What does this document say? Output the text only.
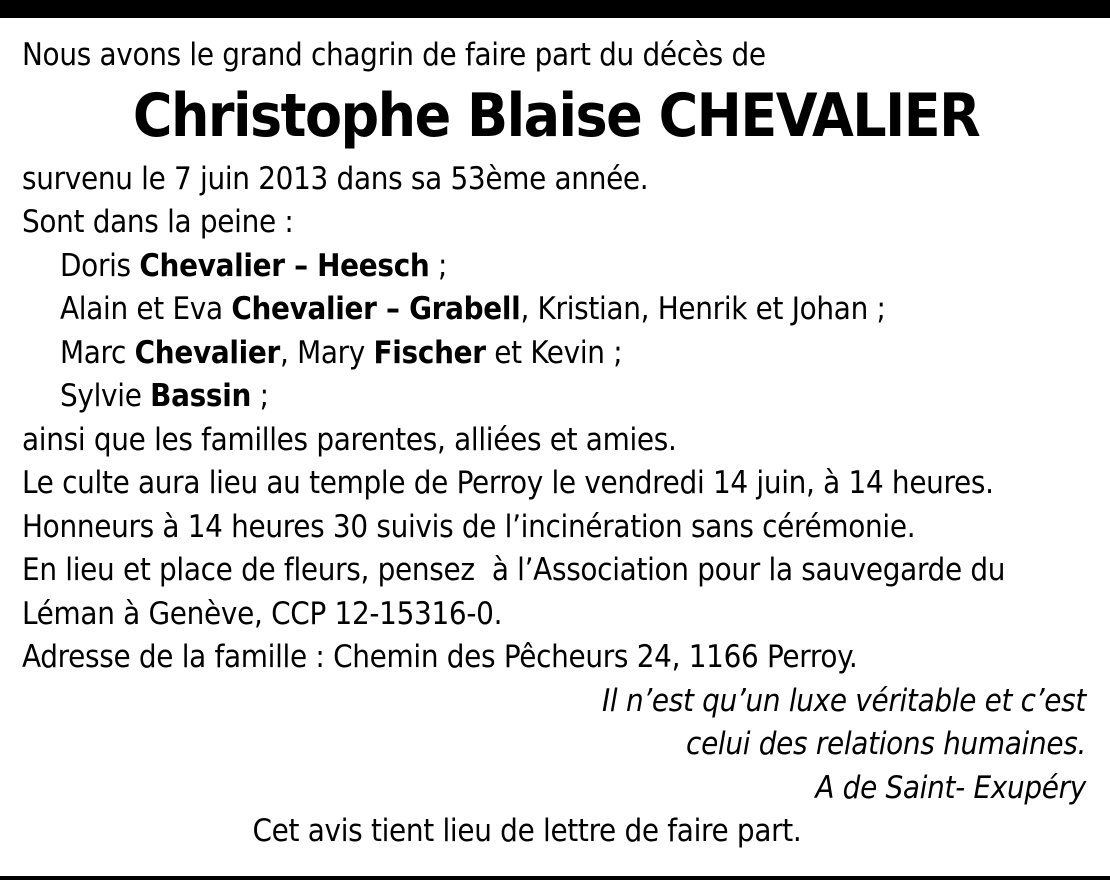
Nous avons le grand chagrin de faire part du décès de
Christophe Blaise CHEVALIER
survenu le 7 juin 2013 dans sa 53ème année.
Sont dans la peine :
Doris Chevalier – Heesch ;
Alain et Eva Chevalier – Grabell, Kristian, Henrik et Johan ;
Marc Chevalier, Mary Fischer et Kevin ;
Sylvie Bassin ;
ainsi que les familles parentes, alliées et amies.
Le culte aura lieu au temple de Perroy le vendredi 14 juin, à 14 heures.
Honneurs à 14 heures 30 suivis de l’incinération sans cérémonie.
En lieu et place de fleurs, pensez  à l’Association pour la sauvegarde du
Léman à Genève, CCP 12-15316-0.
Adresse de la famille : Chemin des Pêcheurs 24, 1166 Perroy.
Il n’est qu’un luxe véritable et c’est
celui des relations humaines.
A de Saint- Exupéry
Cet avis tient lieu de lettre de faire part.
